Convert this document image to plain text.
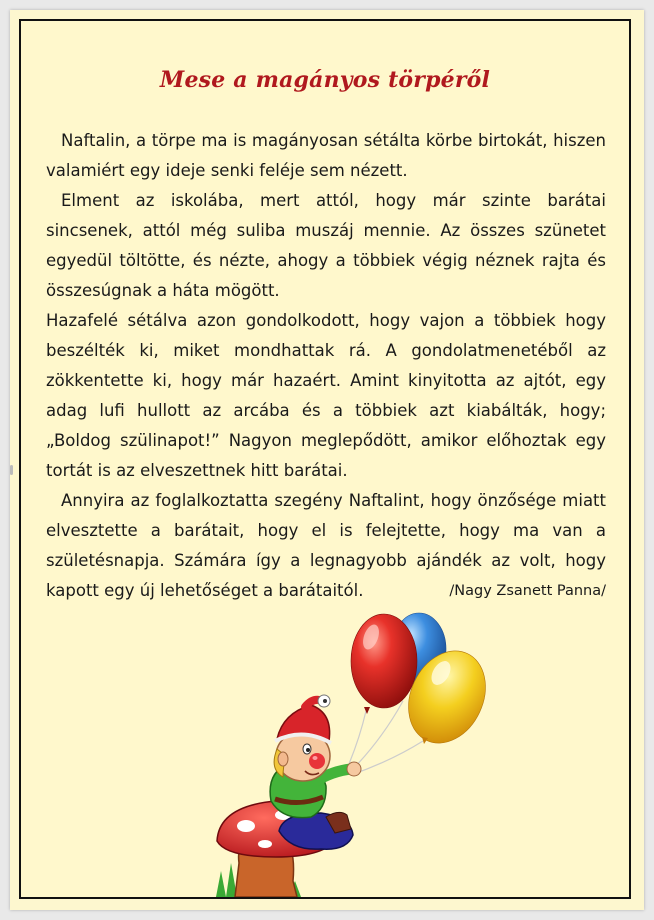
Mese a magányos törpéről

Naftalin, a törpe ma is magányosan sétálta körbe birtokát, hiszen valamiért egy ideje senki feléje sem nézett.

Elment az iskolába, mert attól, hogy már szinte barátai sincsenek, attól még suliba muszáj mennie. Az összes szünetet egyedül töltötte, és nézte, ahogy a többiek végig néznek rajta és összesúgnak a háta mögött.

Hazafelé sétálva azon gondolkodott, hogy vajon a többiek hogy beszélték ki, miket mondhattak rá. A gondolatmenetéből az zökkentette ki, hogy már hazaért. Amint kinyitotta az ajtót, egy adag lufi hullott az arcába és a többiek azt kiabálták, hogy; „Boldog szülinapot!” Nagyon meglepődött, amikor előhoztak egy tortát is az elveszettnek hitt barátai.

Annyira az foglalkoztatta szegény Naftalint, hogy önzősége miatt elvesztette a barátait, hogy el is felejtette, hogy ma van a születésnapja. Számára így a legnagyobb ajándék az volt, hogy kapott egy új lehetőséget a barátaitól.	/Nagy Zsanett Panna/
